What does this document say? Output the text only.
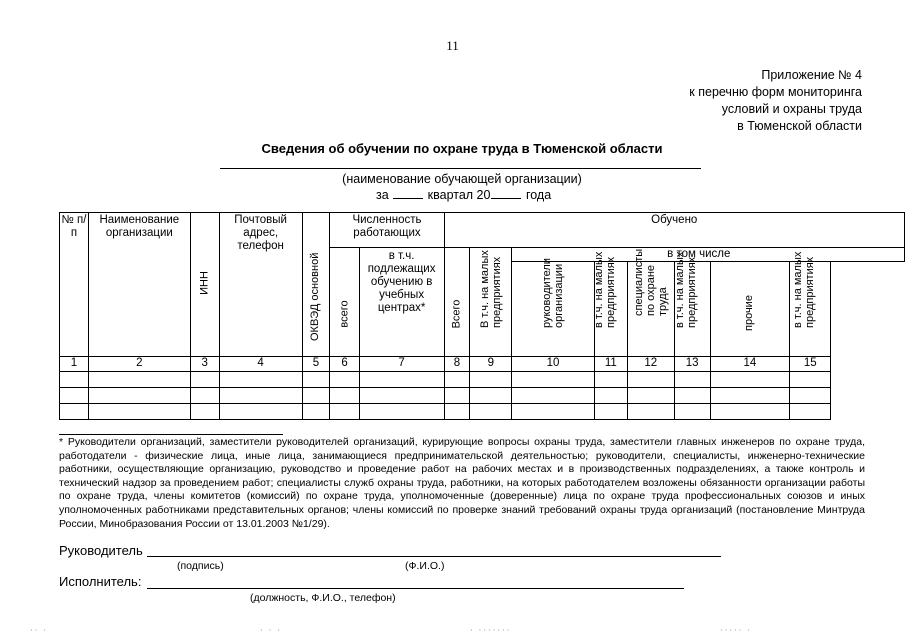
11
Приложение № 4
к перечню форм мониторинга
условий и охраны труда
в Тюменской области
Сведения об обучении по охране труда в Тюменской области
(наименование обучающей организации)
за	квартал 20	года
№ п/п	Наименование организации	ИНН	Почтовый адрес, телефон	ОКВЭД основной	Численность работающих		Обучено							

					всего	в т.ч. подлежащих обучению в учебных центрах*	Всего	В т.ч. на малых предприятиях	в том числе					

									руководители организации	в т.ч. на малых предприятиях	специалисты по охране труда	в т.ч. на малых предприятиях	прочие	в т.ч. на малых предприятиях

1	2	3	4	5	6	7	8	9	10	11	12	13	14	15

* Руководители организаций, заместители руководителей организаций, курирующие вопросы охраны труда, заместители главных инженеров по охране труда, работодатели - физические лица, иные лица, занимающиеся предпринимательской деятельностью; руководители, специалисты, инженерно-технические работники, осуществляющие организацию, руководство и проведение работ на рабочих местах и в производственных подразделениях, а также контроль и технический надзор за проведением работ; специалисты служб охраны труда, работники, на которых работодателем возложены обязанности организации работы по охране труда, члены комитетов (комиссий) по охране труда, уполномоченные (доверенные) лица по охране труда профессиональных союзов и иных уполномоченных работниками представительных органов; члены комиссий по проверке знаний требований охраны труда организаций (постановление Минтруда России, Минобразования России от 13.01.2003 №1/29).
Руководитель
(подпись)	(Ф.И.О.)
Исполнитель:
(должность, Ф.И.О., телефон)
·· ·	· · ·	· ·······	····· ·
